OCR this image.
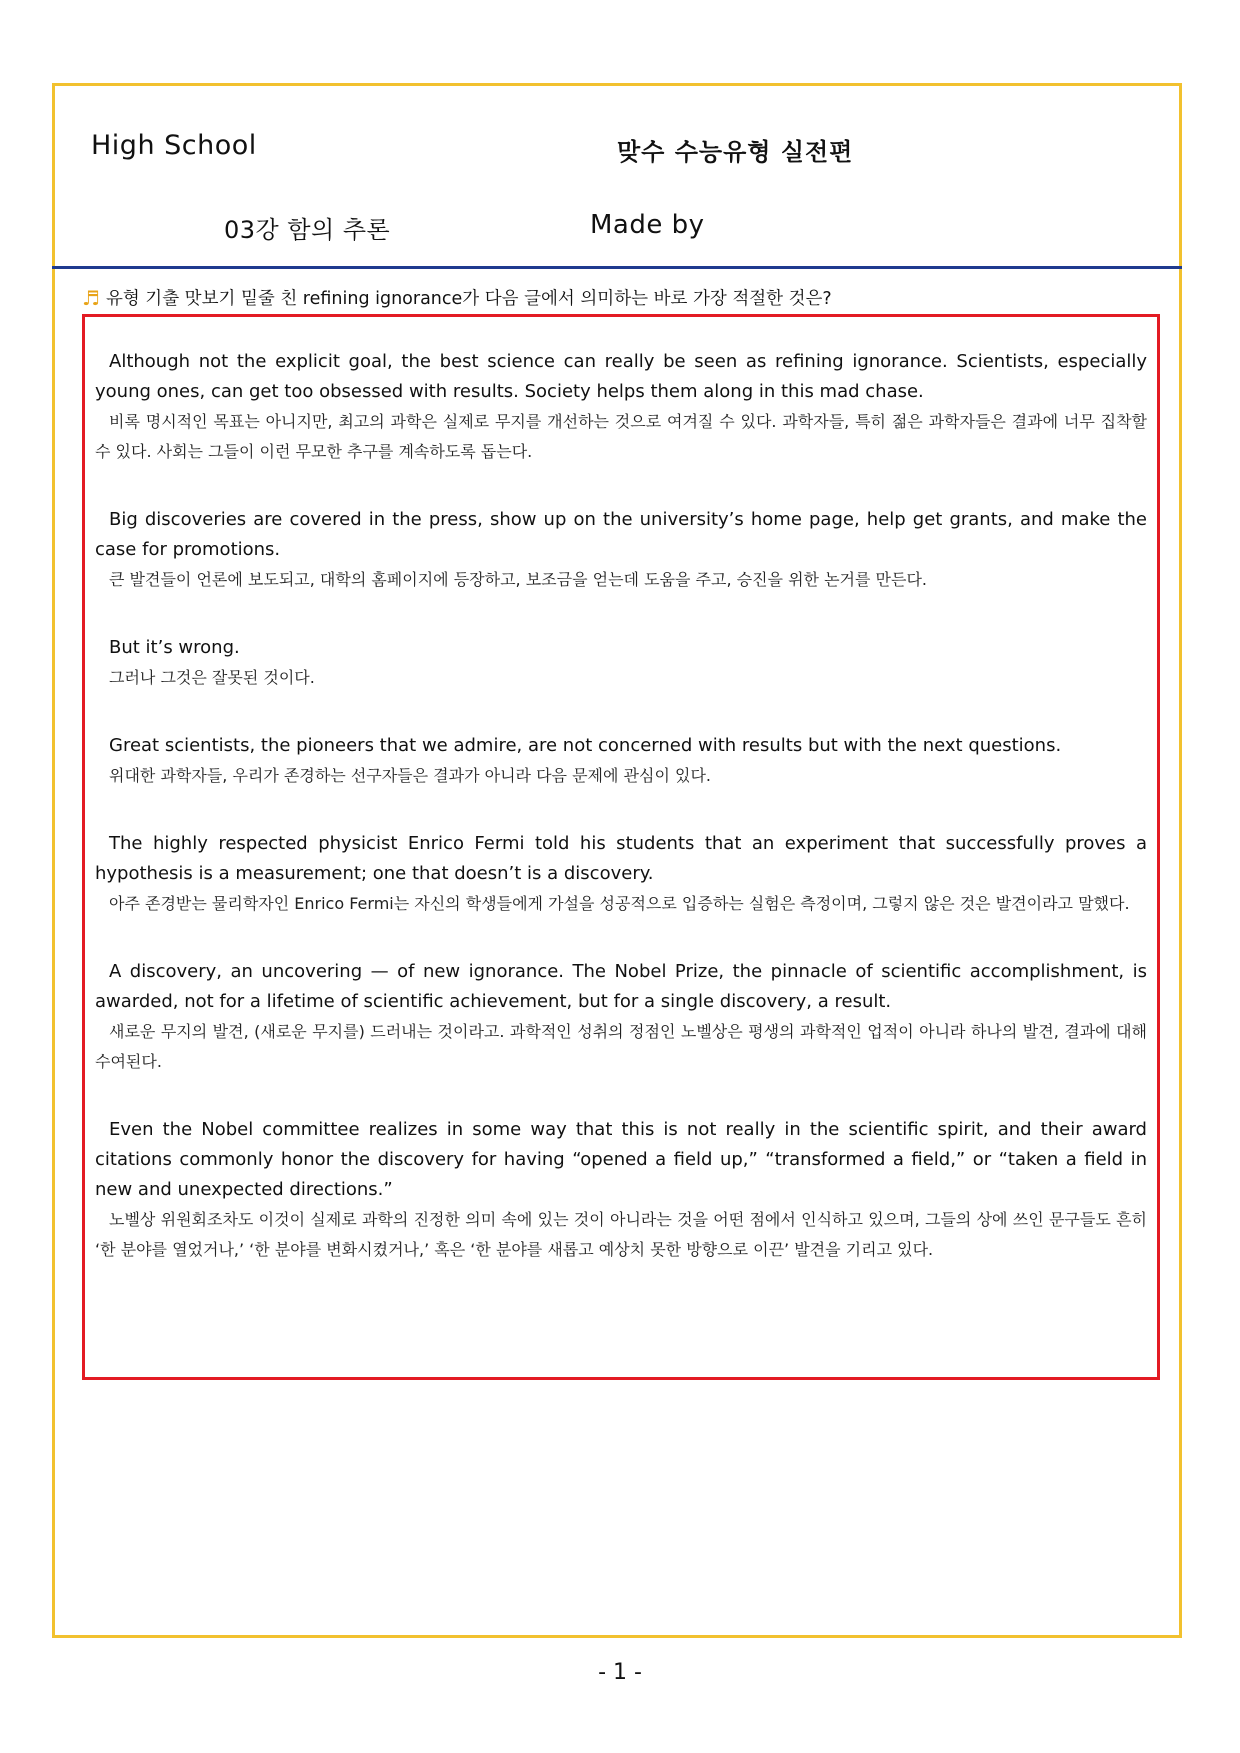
High School	맞수 수능유형 실전편
03강 함의 추론	Made by
♬ 유형 기출 맛보기 밑줄 친 refining ignorance가 다음 글에서 의미하는 바로 가장 적절한 것은?

Although not the explicit goal, the best science can really be seen as refining ignorance. Scientists, especially young ones, can get too obsessed with results. Society helps them along in this mad chase.

비록 명시적인 목표는 아니지만, 최고의 과학은 실제로 무지를 개선하는 것으로 여겨질 수 있다. 과학자들, 특히 젊은 과학자들은 결과에 너무 집착할 수 있다. 사회는 그들이 이런 무모한 추구를 계속하도록 돕는다.

Big discoveries are covered in the press, show up on the university’s home page, help get grants, and make the case for promotions.

큰 발견들이 언론에 보도되고, 대학의 홈페이지에 등장하고, 보조금을 얻는데 도움을 주고, 승진을 위한 논거를 만든다.

But it’s wrong.

그러나 그것은 잘못된 것이다.

Great scientists, the pioneers that we admire, are not concerned with results but with the next questions.

위대한 과학자들, 우리가 존경하는 선구자들은 결과가 아니라 다음 문제에 관심이 있다.

The highly respected physicist Enrico Fermi told his students that an experiment that successfully proves a hypothesis is a measurement; one that doesn’t is a discovery.

아주 존경받는 물리학자인 Enrico Fermi는 자신의 학생들에게 가설을 성공적으로 입증하는 실험은 측정이며, 그렇지 않은 것은 발견이라고 말했다.

A discovery, an uncovering — of new ignorance. The Nobel Prize, the pinnacle of scientific accomplishment, is awarded, not for a lifetime of scientific achievement, but for a single discovery, a result.

새로운 무지의 발견, (새로운 무지를) 드러내는 것이라고. 과학적인 성취의 정점인 노벨상은 평생의 과학적인 업적이 아니라 하나의 발견, 결과에 대해 수여된다.

Even the Nobel committee realizes in some way that this is not really in the scientific spirit, and their award citations commonly honor the discovery for having “opened a field up,” “transformed a field,” or “taken a field in new and unexpected directions.”

노벨상 위원회조차도 이것이 실제로 과학의 진정한 의미 속에 있는 것이 아니라는 것을 어떤 점에서 인식하고 있으며, 그들의 상에 쓰인 문구들도 흔히 ‘한 분야를 열었거나,’ ‘한 분야를 변화시켰거나,’ 혹은 ‘한 분야를 새롭고 예상치 못한 방향으로 이끈’ 발견을 기리고 있다.

- 1 -
